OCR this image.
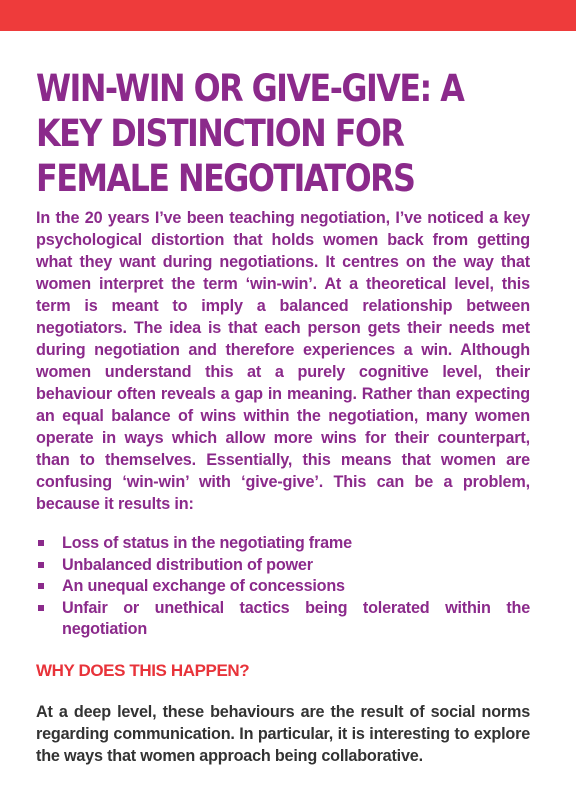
WIN-WIN OR GIVE-GIVE: A KEY DISTINCTION FOR FEMALE NEGOTIATORS

In the 20 years I’ve been teaching negotiation, I’ve noticed a key psychological distortion that holds women back from getting what they want during negotiations. It centres on the way that women interpret the term ‘win-win’. At a theoretical level, this term is meant to imply a balanced relationship between negotiators. The idea is that each person gets their needs met during negotiation and therefore experiences a win. Although women understand this at a purely cognitive level, their behaviour often reveals a gap in meaning. Rather than expecting an equal balance of wins within the negotiation, many women operate in ways which allow more wins for their counterpart, than to themselves. Essentially, this means that women are confusing ‘win-win’ with ‘give-give’. This can be a problem, because it results in:

Loss of status in the negotiating frame
Unbalanced distribution of power
An unequal exchange of concessions
Unfair or unethical tactics being tolerated within the negotiation
WHY DOES THIS HAPPEN?

At a deep level, these behaviours are the result of social norms regarding communication. In particular, it is interesting to explore the ways that women approach being collaborative.
